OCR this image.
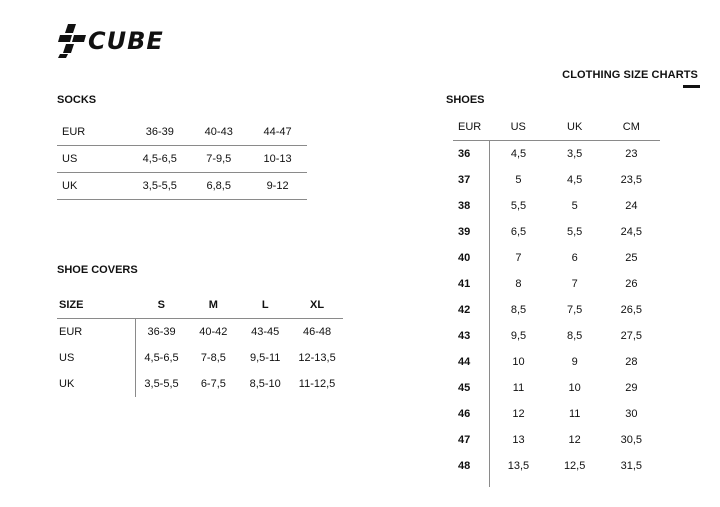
CUBE
CLOTHING SIZE CHARTS
SOCKS
EUR	36-39	40-43	44-47
US	4,5-6,5	7-9,5	10-13
UK	3,5-5,5	6,8,5	9-12
SHOE COVERS
SIZE	S	M	L	XL
EUR	36-39	40-42	43-45	46-48
US	4,5-6,5	7-8,5	9,5-11	12-13,5
UK	3,5-5,5	6-7,5	8,5-10	11-12,5
SHOES
EUR	US	UK	CM
36	4,5	3,5	23
37	5	4,5	23,5
38	5,5	5	24
39	6,5	5,5	24,5
40	7	6	25
41	8	7	26
42	8,5	7,5	26,5
43	9,5	8,5	27,5
44	10	9	28
45	11	10	29
46	12	11	30
47	13	12	30,5
48	13,5	12,5	31,5
